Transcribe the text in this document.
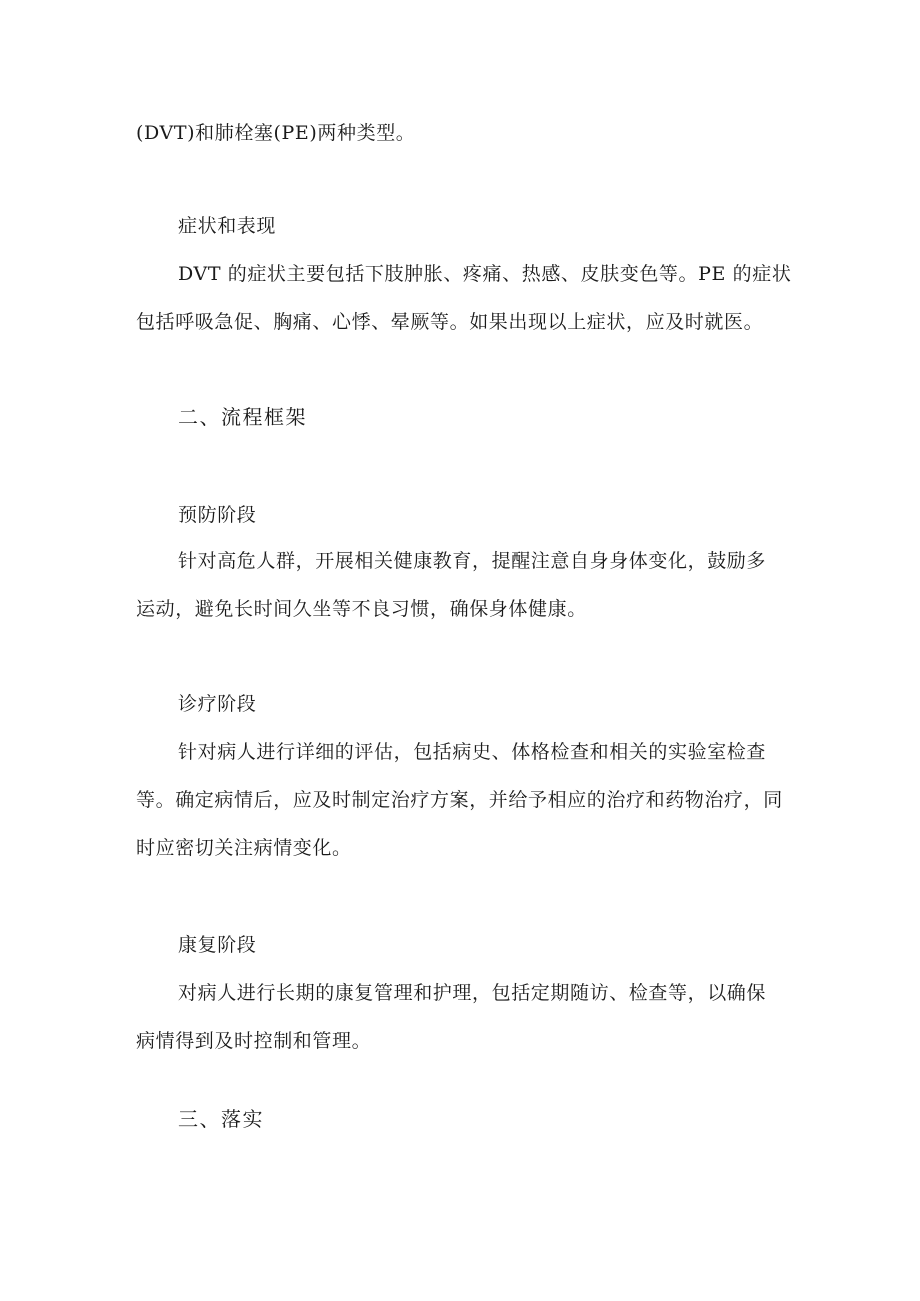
(DVT)和肺栓塞(PE)两种类型。
症状和表现
DVT 的症状主要包括下肢肿胀、疼痛、热感、皮肤变色等。PE 的症状
包括呼吸急促、胸痛、心悸、晕厥等。如果出现以上症状，应及时就医。
二、流程框架
预防阶段
针对高危人群，开展相关健康教育，提醒注意自身身体变化，鼓励多
运动，避免长时间久坐等不良习惯，确保身体健康。
诊疗阶段
针对病人进行详细的评估，包括病史、体格检查和相关的实验室检查
等。确定病情后，应及时制定治疗方案，并给予相应的治疗和药物治疗，同
时应密切关注病情变化。
康复阶段
对病人进行长期的康复管理和护理，包括定期随访、检查等，以确保
病情得到及时控制和管理。
三、落实
